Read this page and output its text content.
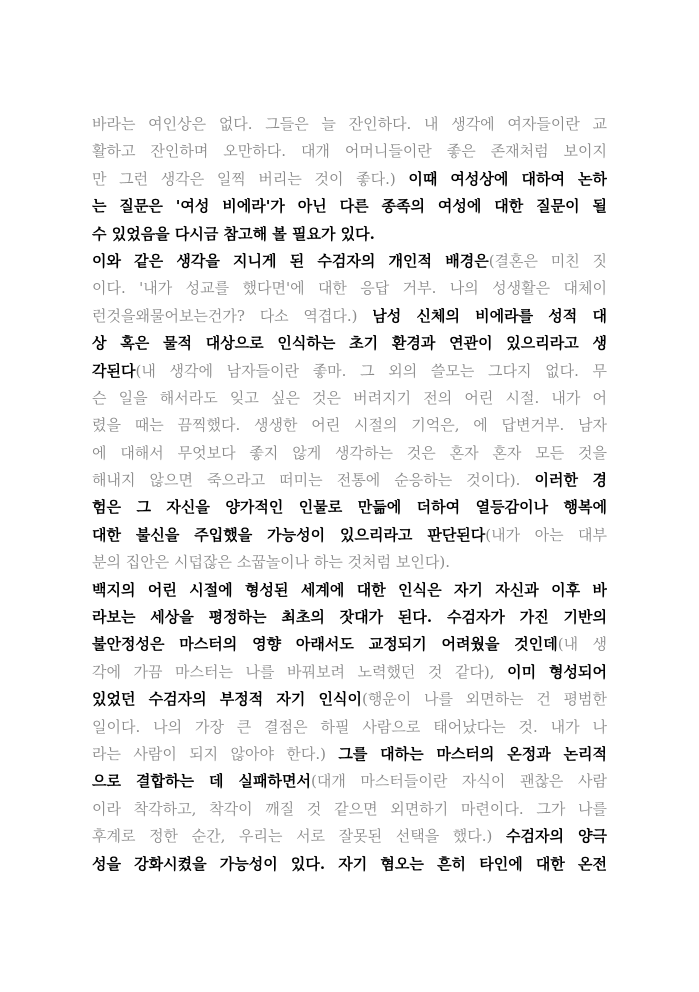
바라는 여인상은 없다. 그들은 늘 잔인하다. 내 생각에 여자들이란 교
활하고 잔인하며 오만하다. 대개 어머니들이란 좋은 존재처럼 보이지
만 그런 생각은 일찍 버리는 것이 좋다.) 이때 여성상에 대하여 논하
는 질문은 '여성 비에라'가 아닌 다른 종족의 여성에 대한 질문이 될
수 있었음을 다시금 참고해 볼 필요가 있다.
이와 같은 생각을 지니게 된 수검자의 개인적 배경은(결혼은 미친 짓
이다. '내가 성교를 했다면'에 대한 응답 거부. 나의 성생활은 대체이
런것을왜물어보는건가? 다소 역겹다.) 남성 신체의 비에라를 성적 대
상 혹은 물적 대상으로 인식하는 초기 환경과 연관이 있으리라고 생
각된다(내 생각에 남자들이란 좋마. 그 외의 쓸모는 그다지 없다. 무
슨 일을 해서라도 잊고 싶은 것은 버려지기 전의 어린 시절. 내가 어
렸을 때는 끔찍했다. 생생한 어린 시절의 기억은, 에 답변거부. 남자
에 대해서 무엇보다 좋지 않게 생각하는 것은 혼자 혼자 모든 것을
해내지 않으면 죽으라고 떠미는 전통에 순응하는 것이다). 이러한 경
험은 그 자신을 양가적인 인물로 만듦에 더하여 열등감이나 행복에
대한 불신을 주입했을 가능성이 있으리라고 판단된다(내가 아는 대부
분의 집안은 시덥잖은 소꿉놀이나 하는 것처럼 보인다).
백지의 어린 시절에 형성된 세계에 대한 인식은 자기 자신과 이후 바
라보는 세상을 평정하는 최초의 잣대가 된다. 수검자가 가진 기반의
불안정성은 마스터의 영향 아래서도 교정되기 어려웠을 것인데(내 생
각에 가끔 마스터는 나를 바꿔보려 노력했던 것 같다), 이미 형성되어
있었던 수검자의 부정적 자기 인식이(행운이 나를 외면하는 건 평범한
일이다. 나의 가장 큰 결점은 하필 사람으로 태어났다는 것. 내가 나
라는 사람이 되지 않아야 한다.) 그를 대하는 마스터의 온정과 논리적
으로 결합하는 데 실패하면서(대개 마스터들이란 자식이 괜찮은 사람
이라 착각하고, 착각이 깨질 것 같으면 외면하기 마련이다. 그가 나를
후계로 정한 순간, 우리는 서로 잘못된 선택을 했다.) 수검자의 양극
성을 강화시켰을 가능성이 있다. 자기 혐오는 흔히 타인에 대한 온전
